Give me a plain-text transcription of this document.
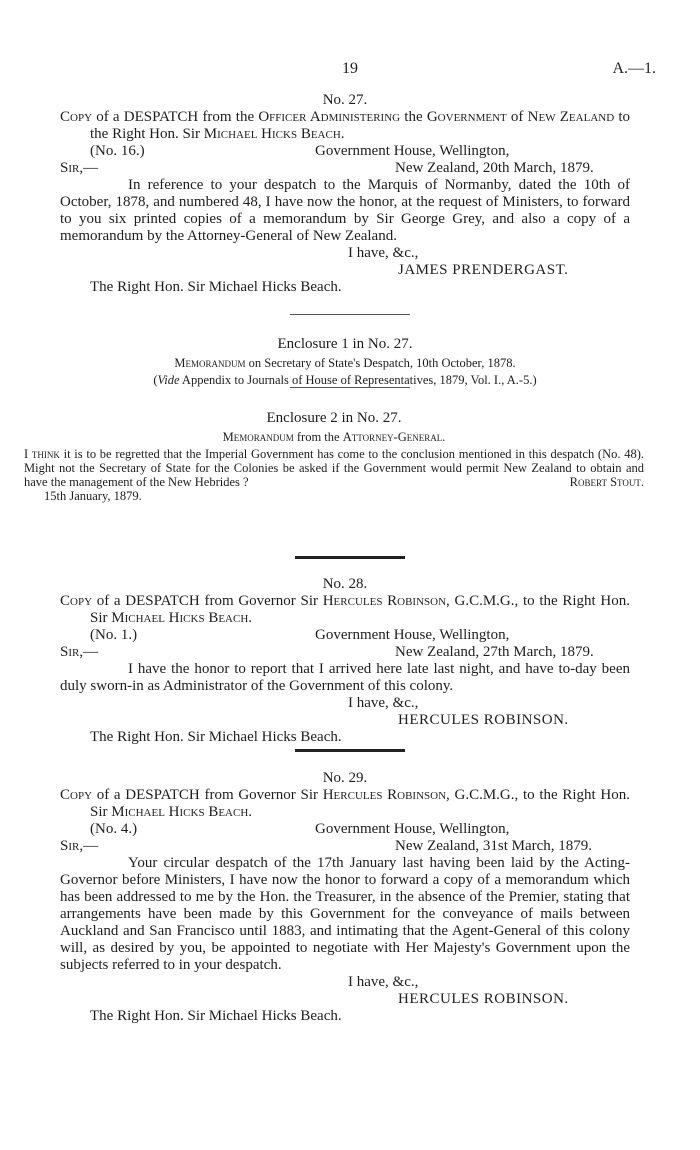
19	A.—1.
No. 27.
Copy of a DESPATCH from the Officer Administering the Government of New Zealand to the Right Hon. Sir Michael Hicks Beach.
(No. 16.)	Government House, Wellington,
Sir,—	New Zealand, 20th March, 1879.
In reference to your despatch to the Marquis of Normanby, dated the 10th of October, 1878, and numbered 48, I have now the honor, at the request of Ministers, to forward to you six printed copies of a memorandum by Sir George Grey, and also a copy of a memorandum by the Attorney-General of New Zealand.
I have, &c.,
JAMES PRENDERGAST.
The Right Hon. Sir Michael Hicks Beach.
Enclosure 1 in No. 27.
Memorandum on Secretary of State's Despatch, 10th October, 1878.
(Vide Appendix to Journals of House of Representatives, 1879, Vol. I., A.-5.)
Enclosure 2 in No. 27.
Memorandum from the Attorney-General.
I think it is to be regretted that the Imperial Government has come to the conclusion mentioned in this despatch (No. 48). Might not the Secretary of State for the Colonies be asked if the Government would permit New Zealand to obtain and have the management of the New Hebrides ?	Robert Stout.
15th January, 1879.
No. 28.
Copy of a DESPATCH from Governor Sir Hercules Robinson, G.C.M.G., to the Right Hon. Sir Michael Hicks Beach.
(No. 1.)	Government House, Wellington,
Sir,—	New Zealand, 27th March, 1879.
I have the honor to report that I arrived here late last night, and have to-day been duly sworn-in as Administrator of the Government of this colony.
I have, &c.,
HERCULES ROBINSON.
The Right Hon. Sir Michael Hicks Beach.
No. 29.
Copy of a DESPATCH from Governor Sir Hercules Robinson, G.C.M.G., to the Right Hon. Sir Michael Hicks Beach.
(No. 4.)	Government House, Wellington,
Sir,—	New Zealand, 31st March, 1879.
Your circular despatch of the 17th January last having been laid by the Acting-Governor before Ministers, I have now the honor to forward a copy of a memorandum which has been addressed to me by the Hon. the Treasurer, in the absence of the Premier, stating that arrangements have been made by this Government for the conveyance of mails between Auckland and San Francisco until 1883, and intimating that the Agent-General of this colony will, as desired by you, be appointed to negotiate with Her Majesty's Government upon the subjects referred to in your despatch.
I have, &c.,
HERCULES ROBINSON.
The Right Hon. Sir Michael Hicks Beach.
